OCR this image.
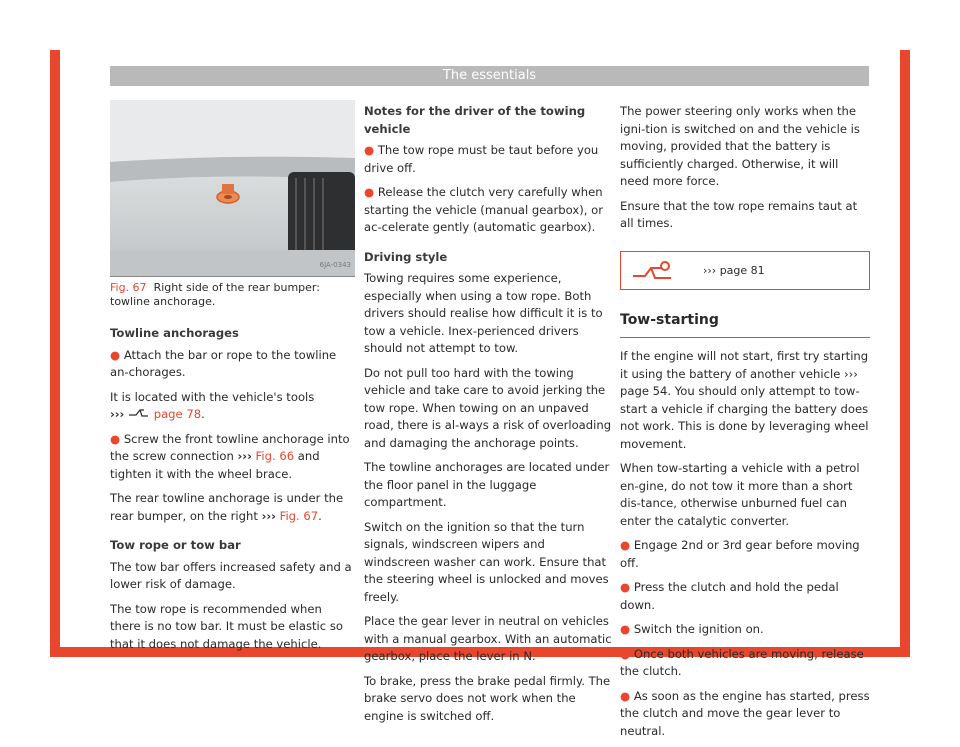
The essentials
6JA-0343
Fig. 67 Right side of the rear bumper: towline anchorage.
Towline anchorages
● Attach the bar or rope to the towline an-chorages.

It is located with the vehicle's tools
›››	page 78.

● Screw the front towline anchorage into the screw connection ››› Fig. 66 and tighten it with the wheel brace.

The rear towline anchorage is under the rear bumper, on the right ››› Fig. 67.

Tow rope or tow bar

The tow bar offers increased safety and a lower risk of damage.

The tow rope is recommended when there is no tow bar. It must be elastic so that it does not damage the vehicle.

Notes for the driver of the towing vehicle
● The tow rope must be taut before you drive off.
● Release the clutch very carefully when starting the vehicle (manual gearbox), or ac-celerate gently (automatic gearbox).
Driving style

Towing requires some experience, especially when using a tow rope. Both drivers should realise how difficult it is to tow a vehicle. Inex-perienced drivers should not attempt to tow.

Do not pull too hard with the towing vehicle and take care to avoid jerking the tow rope. When towing on an unpaved road, there is al-ways a risk of overloading and damaging the anchorage points.

The towline anchorages are located under the floor panel in the luggage compartment.

Switch on the ignition so that the turn signals, windscreen wipers and windscreen washer can work. Ensure that the steering wheel is unlocked and moves freely.

Place the gear lever in neutral on vehicles with a manual gearbox. With an automatic gearbox, place the lever in N.

To brake, press the brake pedal firmly. The brake servo does not work when the engine is switched off.

The power steering only works when the igni-tion is switched on and the vehicle is moving, provided that the battery is sufficiently charged. Otherwise, it will need more force.

Ensure that the tow rope remains taut at all times.

››› page 81
Tow-starting

If the engine will not start, first try starting it using the battery of another vehicle ››› page 54. You should only attempt to tow-start a vehicle if charging the battery does not work. This is done by leveraging wheel movement.

When tow-starting a vehicle with a petrol en-gine, do not tow it more than a short dis-tance, otherwise unburned fuel can enter the catalytic converter.

● Engage 2nd or 3rd gear before moving off.
● Press the clutch and hold the pedal down.
● Switch the ignition on.
● Once both vehicles are moving, release the clutch.
● As soon as the engine has started, press the clutch and move the gear lever to neutral.
53
